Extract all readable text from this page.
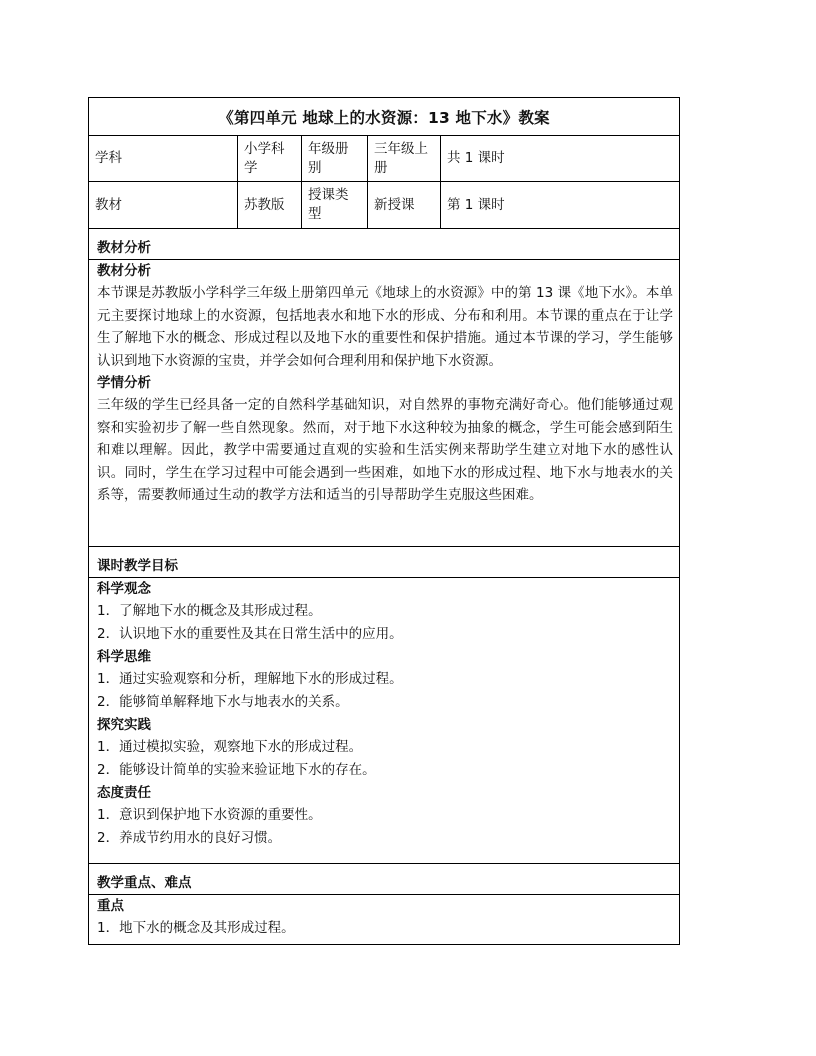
《第四单元 地球上的水资源：13 地下水》教案
学科
小学科学
年级册别
三年级上册
共 1 课时
教材	苏教版
授课类型
新授课	第 1 课时
教材分析
教材分析
本节课是苏教版小学科学三年级上册第四单元《地球上的水资源》中的第 13 课《地下水》。本单元主要探讨地球上的水资源，包括地表水和地下水的形成、分布和利用。本节课的重点在于让学生了解地下水的概念、形成过程以及地下水的重要性和保护措施。通过本节课的学习，学生能够认识到地下水资源的宝贵，并学会如何合理利用和保护地下水资源。
学情分析
三年级的学生已经具备一定的自然科学基础知识，对自然界的事物充满好奇心。他们能够通过观察和实验初步了解一些自然现象。然而，对于地下水这种较为抽象的概念，学生可能会感到陌生和难以理解。因此，教学中需要通过直观的实验和生活实例来帮助学生建立对地下水的感性认识。同时，学生在学习过程中可能会遇到一些困难，如地下水的形成过程、地下水与地表水的关系等，需要教师通过生动的教学方法和适当的引导帮助学生克服这些困难。
课时教学目标
科学观念
1．了解地下水的概念及其形成过程。
2．认识地下水的重要性及其在日常生活中的应用。
科学思维
1．通过实验观察和分析，理解地下水的形成过程。
2．能够简单解释地下水与地表水的关系。
探究实践
1．通过模拟实验，观察地下水的形成过程。
2．能够设计简单的实验来验证地下水的存在。
态度责任
1．意识到保护地下水资源的重要性。
2．养成节约用水的良好习惯。
教学重点、难点
重点
1．地下水的概念及其形成过程。
